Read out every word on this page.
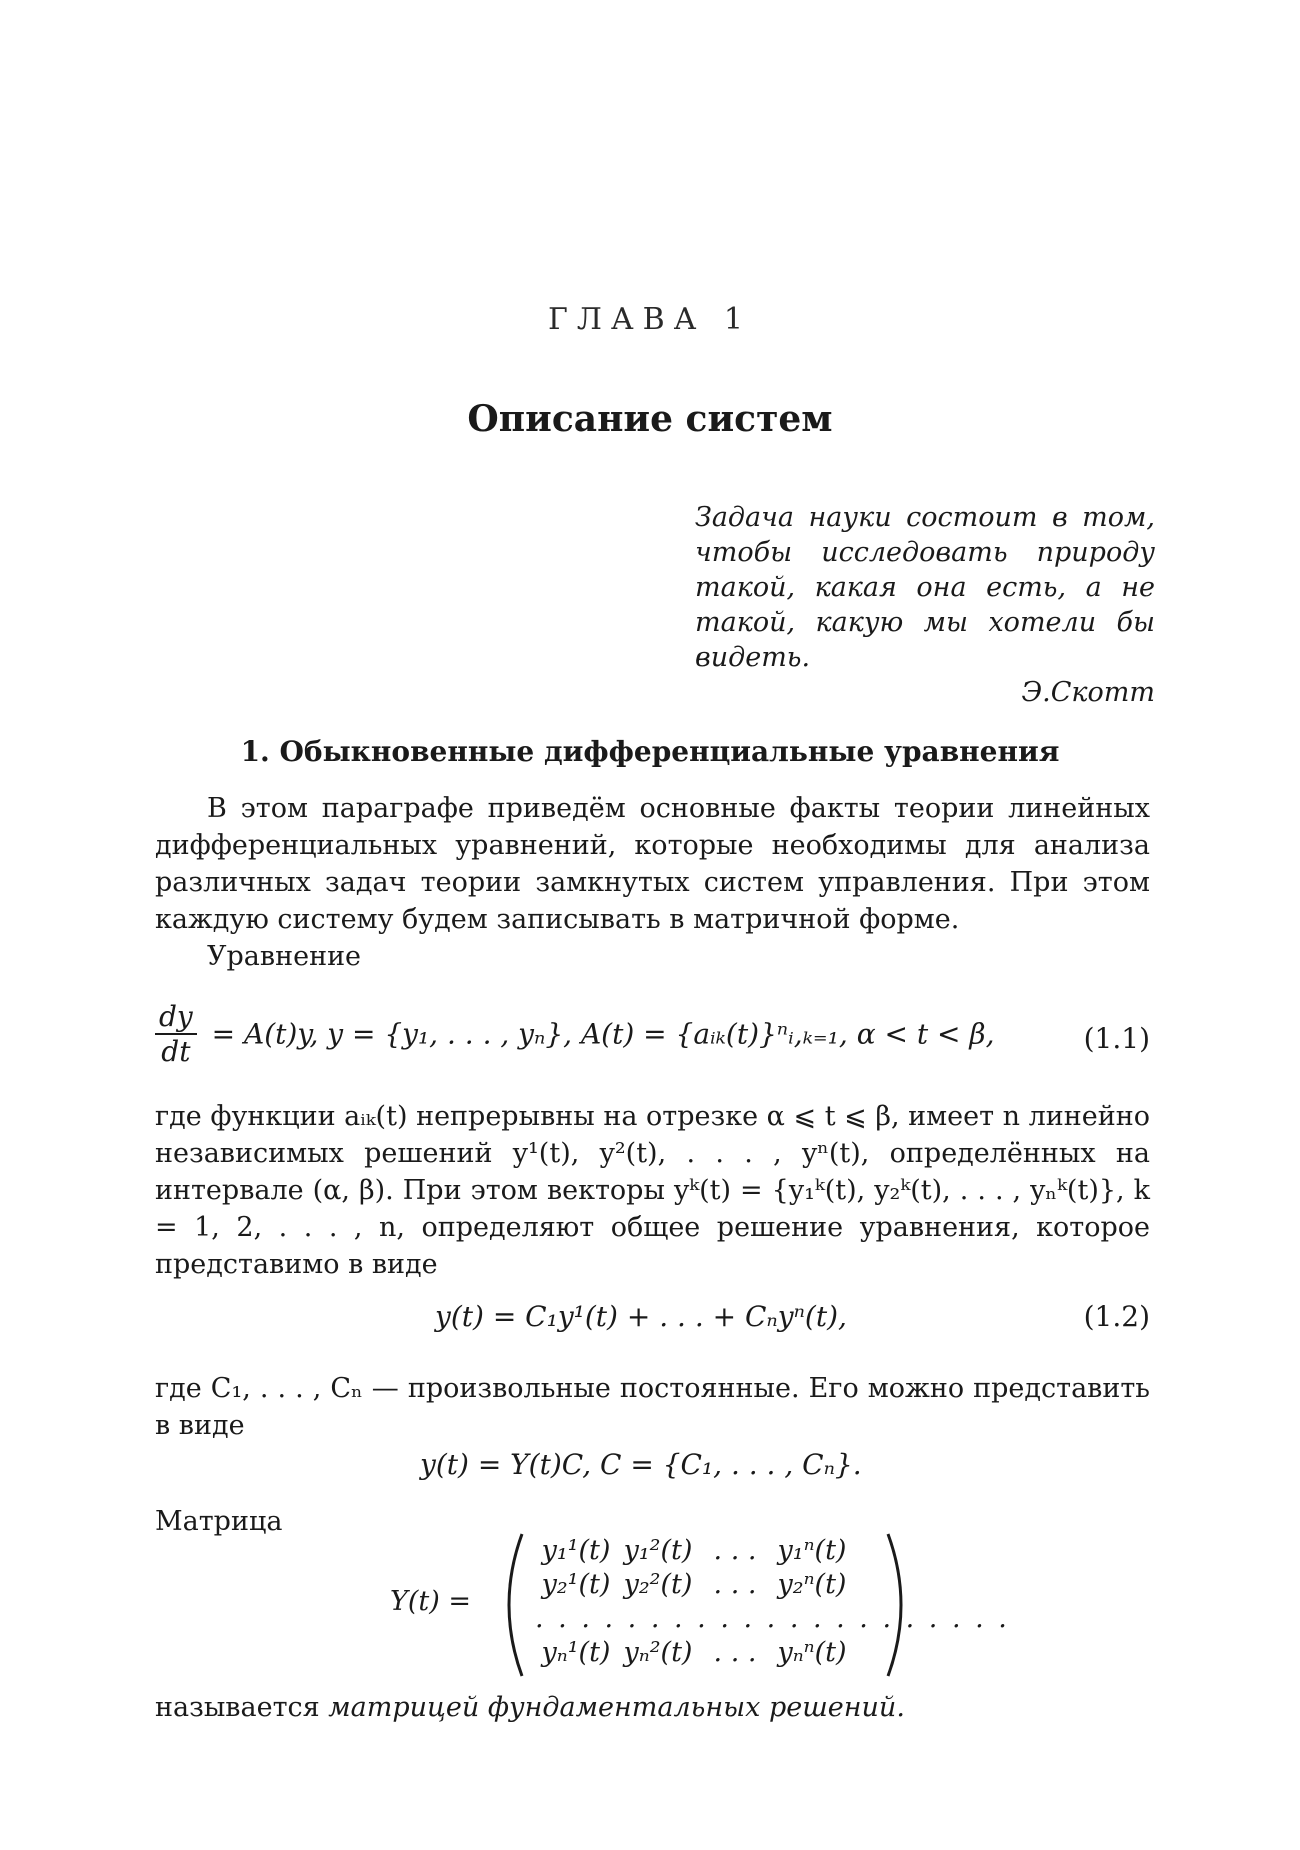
ГЛАВА 1
Описание систем
Задача науки состоит в том, чтобы исследовать природу такой, какая она есть, а не такой, какую мы хотели бы видеть.
Э.Скотт
1. Обыкновенные дифференциальные уравнения
В этом параграфе приведём основные факты теории линейных дифференциальных уравнений, которые необходимы для анализа различных задач теории замкнутых систем управления. При этом каждую систему будем записывать в матричной форме.
Уравнение
$\frac{dy}{dt} = A(t)y$, y = {y₁, . . . , yₙ}, A(t) = {aᵢₖ(t)}ⁿᵢ,ₖ₌₁, α < t < β,	(1.1)
где функции aᵢₖ(t) непрерывны на отрезке α ⩽ t ⩽ β, имеет n линейно независимых решений y¹(t), y²(t), . . . , yⁿ(t), определённых на интервале (α, β). При этом векторы yᵏ(t) = {y₁ᵏ(t), y₂ᵏ(t), . . . , yₙᵏ(t)}, k = 1, 2, . . . , n, определяют общее решение уравнения, которое представимо в виде
y(t) = C₁y¹(t) + . . . + Cₙyⁿ(t),	(1.2)
где C₁, . . . , Cₙ — произвольные постоянные. Его можно представить в виде
y(t) = Y(t)C, C = {C₁, . . . , Cₙ}.
Матрица
Y(t) =
y₁¹(t) y₁²(t) . . . y₁ⁿ(t)
y₂¹(t) y₂²(t) . . . y₂ⁿ(t)
. . . . . . . . . . . . . . . . . . . . .
yₙ¹(t) yₙ²(t) . . . yₙⁿ(t)
называется матрицей фундаментальных решений.
